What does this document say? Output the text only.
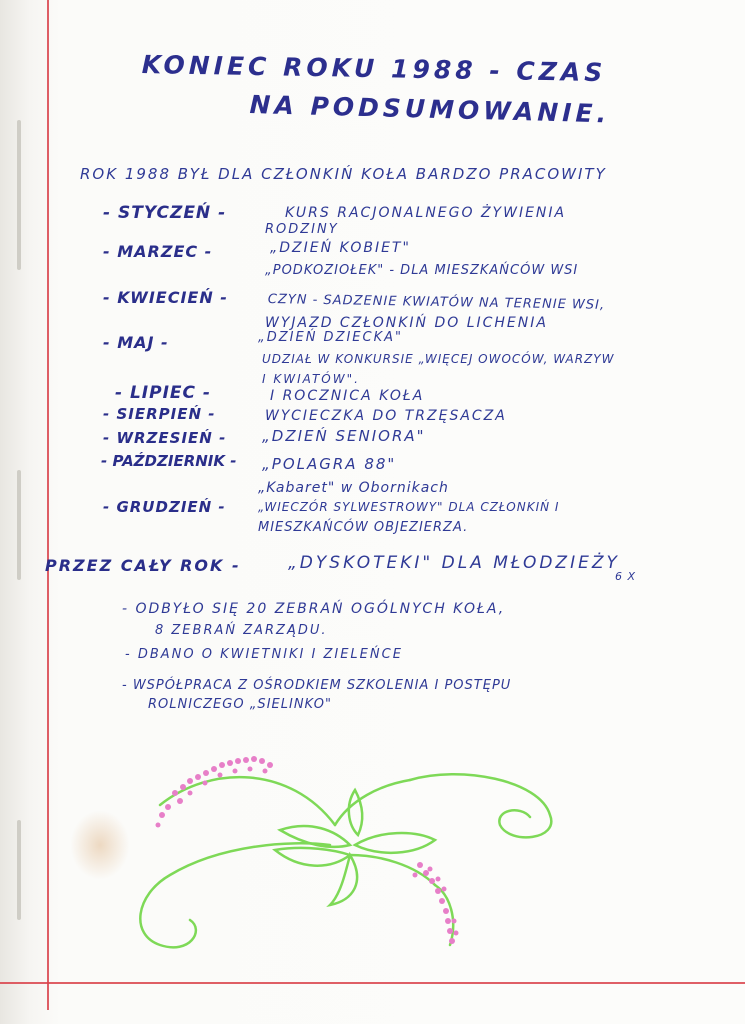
KONIEC ROKU 1988 - CZAS
NA PODSUMOWANIE.
ROK 1988 BYŁ DLA CZŁONKIŃ KOŁA BARDZO PRACOWITY
- STYCZEŃ -	KURS RACJONALNEGO ŻYWIENIA
RODZINY
- MARZEC -	„DZIEŃ KOBIET"
„PODKOZIOŁEK" - DLA MIESZKAŃCÓW WSI
- KWIECIEŃ -	CZYN - SADZENIE KWIATÓW NA TERENIE WSI,
WYJAZD CZŁONKIŃ DO LICHENIA
- MAJ -	„DZIEŃ DZIECKA"
UDZIAŁ W KONKURSIE „WIĘCEJ OWOCÓW, WARZYW
I KWIATÓW".
- LIPIEC -	I ROCZNICA KOŁA
- SIERPIEŃ -	WYCIECZKA DO TRZĘSACZA
- WRZESIEŃ - „DZIEŃ SENIORA"
- PAŹDZIERNIK - „POLAGRA 88"
„Kabaret" w Obornikach
- GRUDZIEŃ -	„WIECZÓR SYLWESTROWY" DLA CZŁONKIŃ I
MIESZKAŃCÓW OBJEZIERZA.
PRZEZ CAŁY ROK -	„DYSKOTEKI" DLA MŁODZIEŻY
6 X
- ODBYŁO SIĘ 20 ZEBRAŃ OGÓLNYCH KOŁA,
8 ZEBRAŃ ZARZĄDU.
- DBANO O KWIETNIKI I ZIELEŃCE
- WSPÓŁPRACA Z OŚRODKIEM SZKOLENIA I POSTĘPU
ROLNICZEGO „SIELINKO"
